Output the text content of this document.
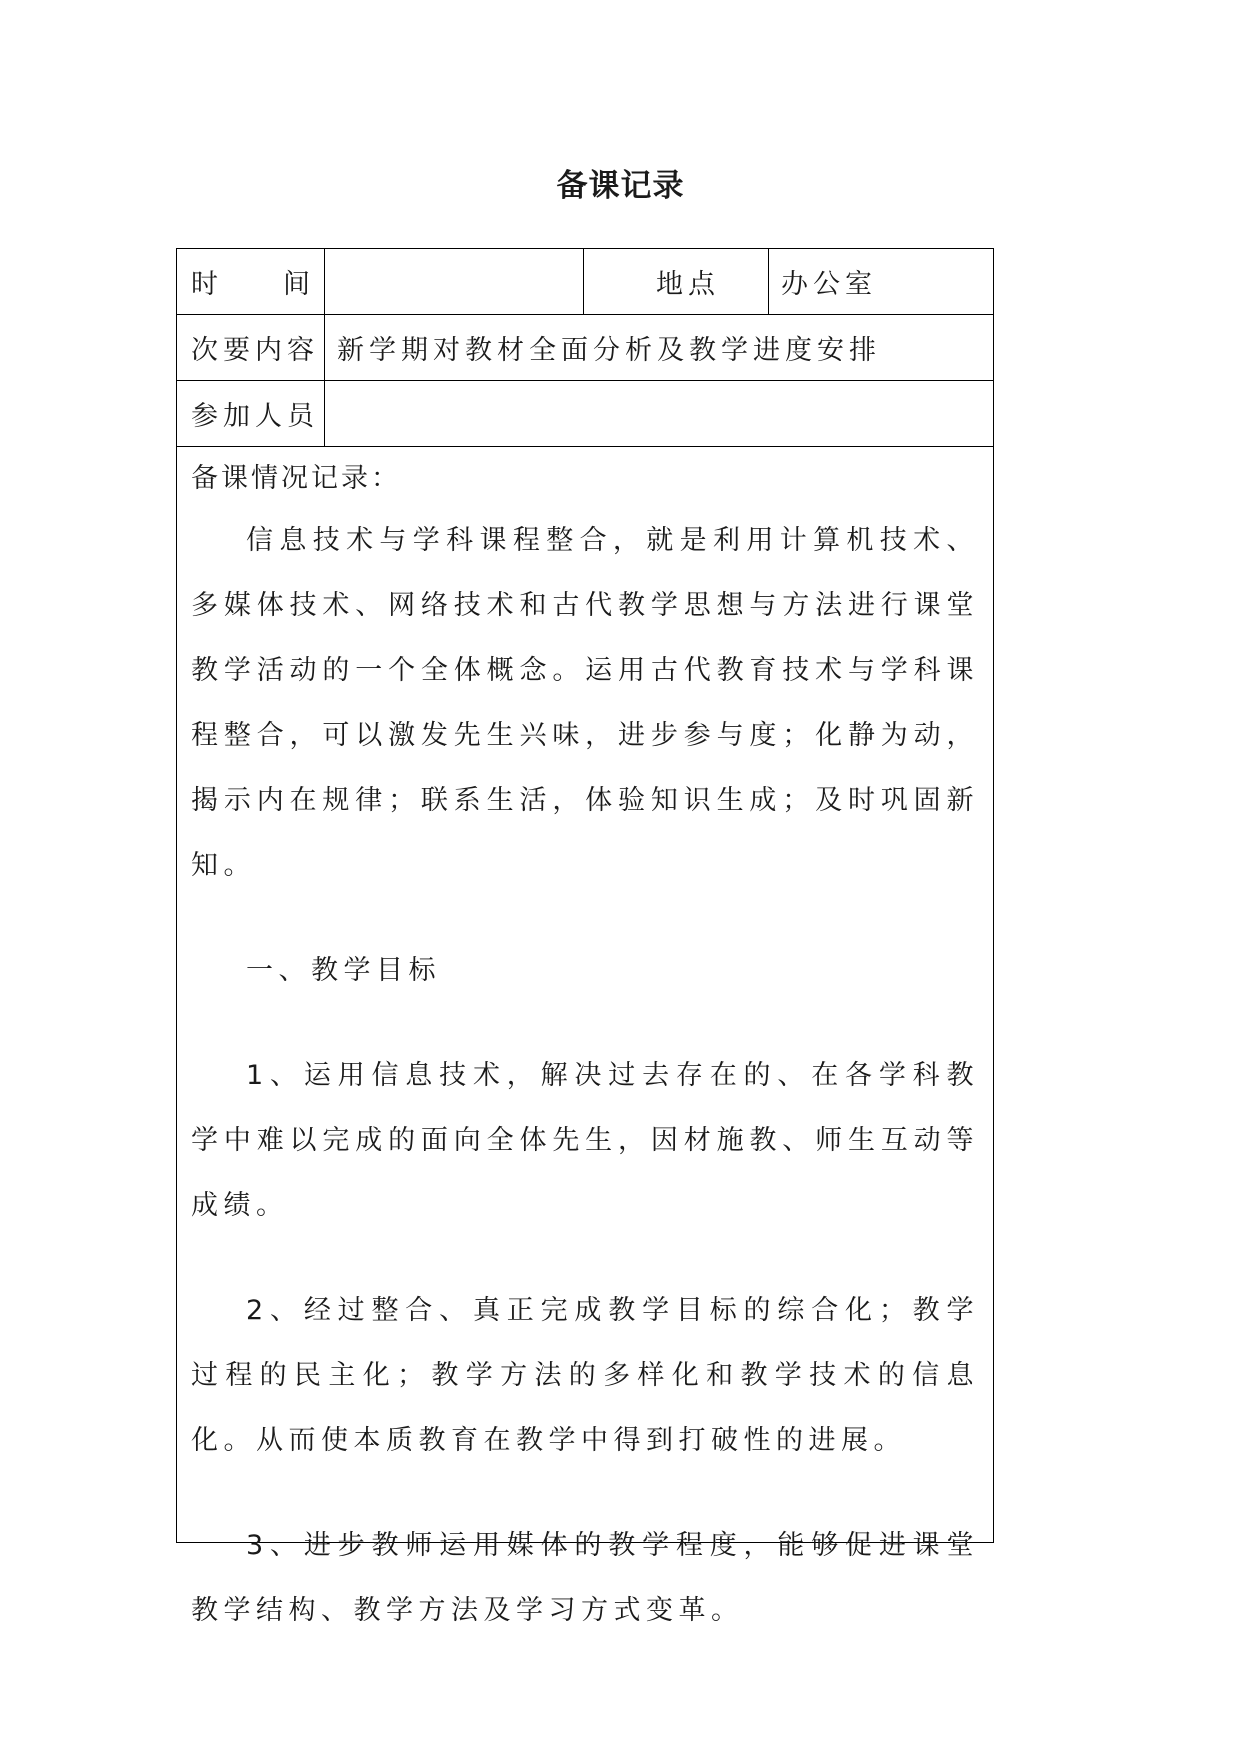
备课记录
时 间	地点	办公室
次要内容 新学期对教材全面分析及教学进度安排
参加人员
备课情况记录：

信息技术与学科课程整合，就是利用计算机技术、多媒体技术、网络技术和古代教学思想与方法进行课堂教学活动的一个全体概念。运用古代教育技术与学科课程整合，可以激发先生兴味，进步参与度；化静为动，揭示内在规律；联系生活，体验知识生成；及时巩固新知。

一、教学目标

1、运用信息技术，解决过去存在的、在各学科教学中难以完成的面向全体先生，因材施教、师生互动等成绩。

2、经过整合、真正完成教学目标的综合化；教学过程的民主化；教学方法的多样化和教学技术的信息化。从而使本质教育在教学中得到打破性的进展。

3、进步教师运用媒体的教学程度，能够促进课堂教学结构、教学方法及学习方式变革。
